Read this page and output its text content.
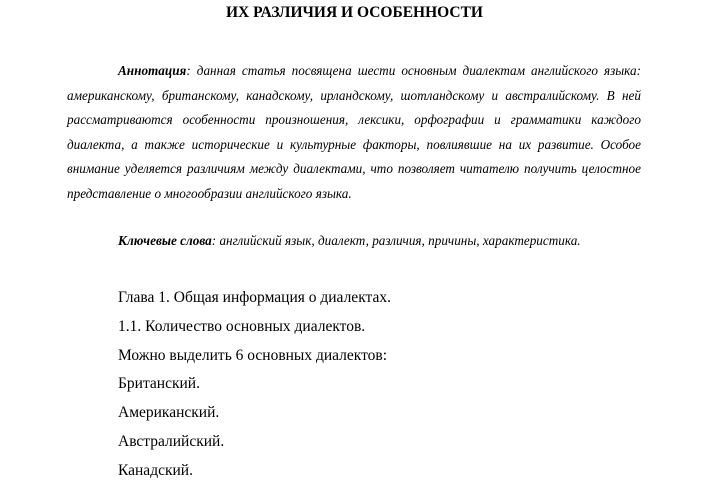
ИХ РАЗЛИЧИЯ И ОСОБЕННОСТИ

Аннотация: данная статья посвящена шести основным диалектам английского языка: американскому, британскому, канадскому, ирландскому, шотландскому и австралийскому. В ней рассматриваются особенности произношения, лексики, орфографии и грамматики каждого диалекта, а также исторические и культурные факторы, повлиявшие на их развитие. Особое внимание уделяется различиям между диалектами, что позволяет читателю получить целостное представление о многообразии английского языка.

Ключевые слова: английский язык, диалект, различия, причины, характеристика.

Глава 1. Общая информация о диалектах.
1.1. Количество основных диалектов.
Можно выделить 6 основных диалектов:
Британский.
Американский.
Австралийский.
Канадский.
